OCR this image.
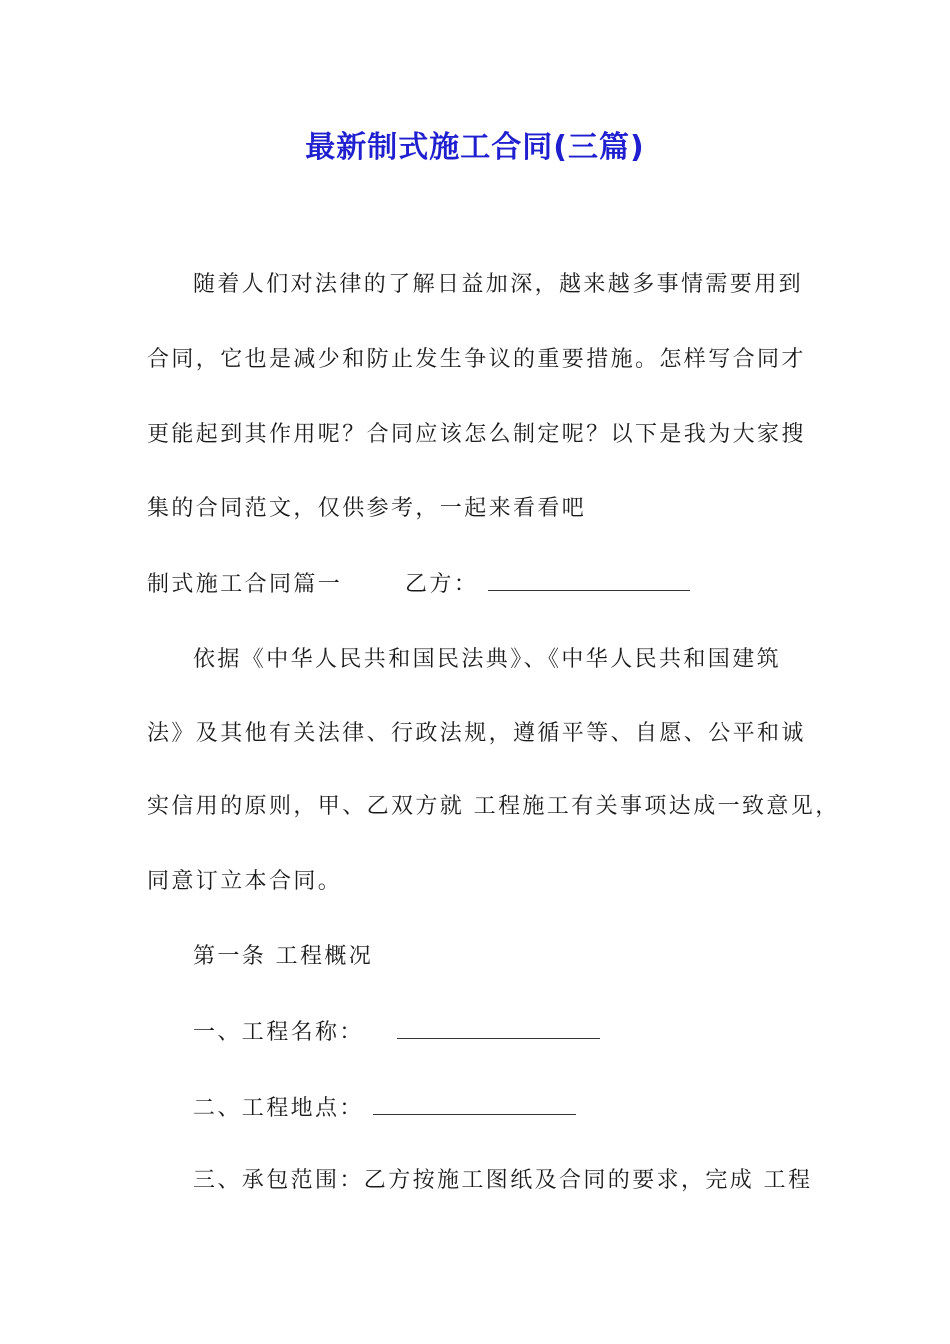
最新制式施工合同(三篇)
随着人们对法律的了解日益加深，越来越多事情需要用到
合同，它也是减少和防止发生争议的重要措施。怎样写合同才
更能起到其作用呢？合同应该怎么制定呢？以下是我为大家搜
集的合同范文，仅供参考，一起来看看吧
制式施工合同篇一	乙方：
依据《中华人民共和国民法典》、《中华人民共和国建筑
法》及其他有关法律、行政法规，遵循平等、自愿、公平和诚
实信用的原则，甲、乙双方就 工程施工有关事项达成一致意见，
同意订立本合同。
第一条 工程概况
一、工程名称：
二、工程地点：
三、承包范围：乙方按施工图纸及合同的要求，完成 工程
